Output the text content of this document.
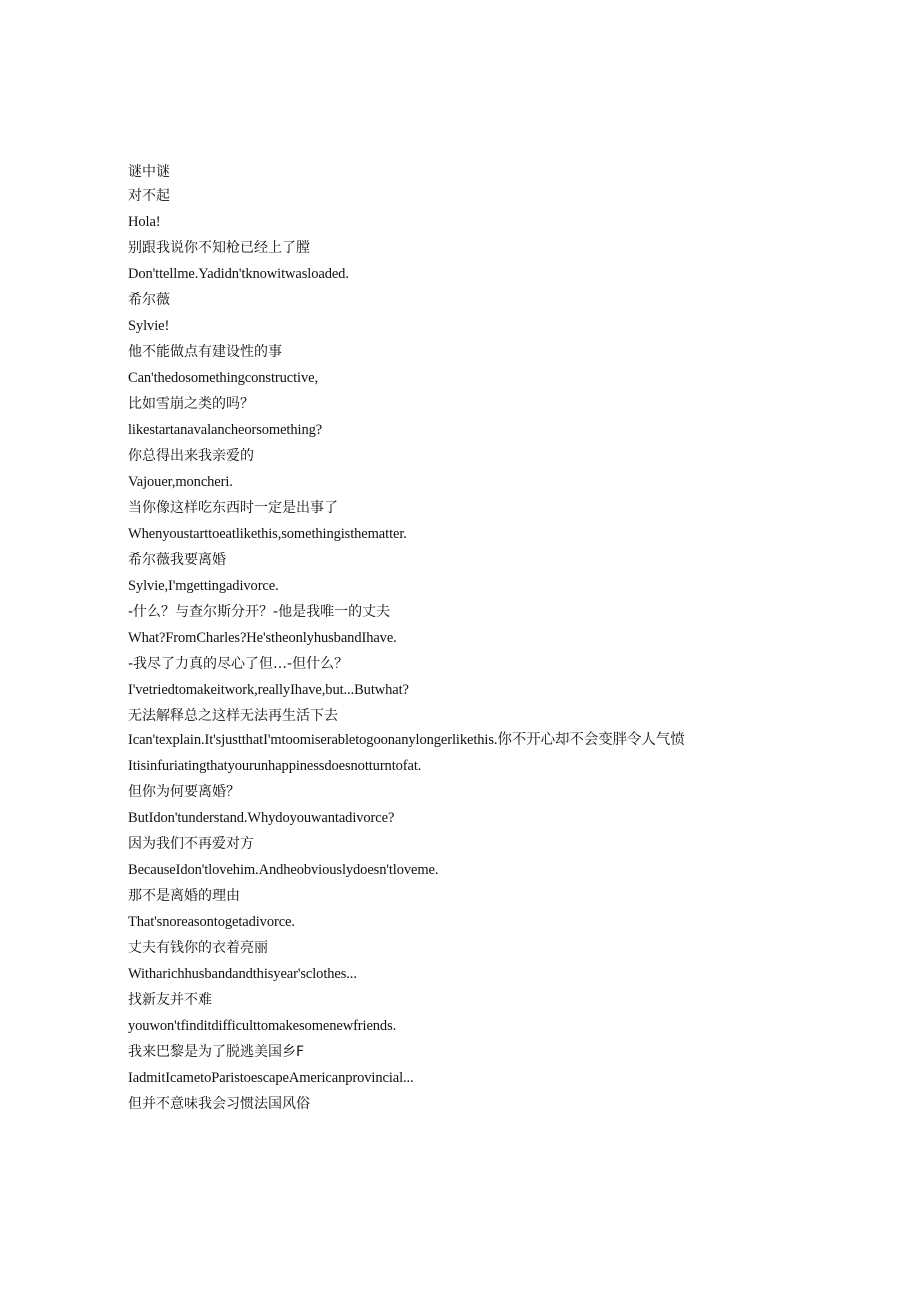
谜中谜

对不起

Hola!

别跟我说你不知枪已经上了膛

Don'ttellme.Yadidn'tknowitwasloaded.

希尔薇

Sylvie!

他不能做点有建设性的事

Can'thedosomethingconstructive,

比如雪崩之类的吗？

likestartanavalancheorsomething?

你总得出来我亲爱的

Vajouer,moncheri.

当你像这样吃东西时一定是出事了

Whenyoustarttoeatlikethis,somethingisthematter.

希尔薇我要离婚

Sylvie,I'mgettingadivorce.

-什么？与查尔斯分开？-他是我唯一的丈夫

What?FromCharles?He'stheonlyhusbandIhave.

-我尽了力真的尽心了但…-但什么？

I'vetriedtomakeitwork,reallyIhave,but...Butwhat?

无法解释总之这样无法再生活下去

Ican'texplain.It'sjustthatI'mtoomiserabletogoonanylongerlikethis.你不开心却不会变胖令人气愤

Itisinfuriatingthatyourunhappinessdoesnotturntofat.

但你为何要离婚？

ButIdon'tunderstand.Whydoyouwantadivorce?

因为我们不再爱对方

BecauseIdon'tlovehim.Andheobviouslydoesn'tloveme.

那不是离婚的理由

That'snoreasontogetadivorce.

丈夫有钱你的衣着亮丽

Witharichhusbandandthisyear'sclothes...

找新友并不难

youwon'tfinditdifficulttomakesomenewfriends.

我来巴黎是为了脱逃美国乡F

IadmitIcametoParistoescapeAmericanprovincial...

但并不意味我会习惯法国风俗
